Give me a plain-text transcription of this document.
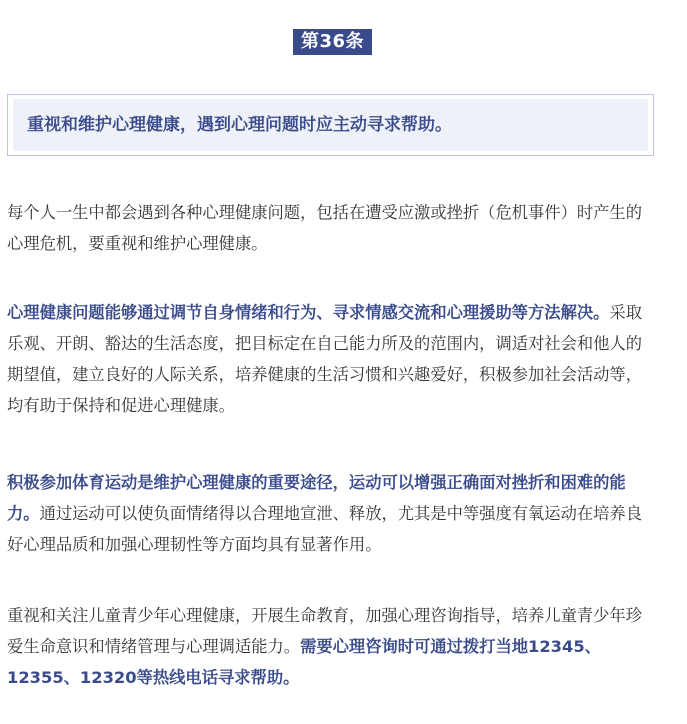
第36条
重视和维护心理健康，遇到心理问题时应主动寻求帮助。

每个人一生中都会遇到各种心理健康问题，包括在遭受应激或挫折（危机事件）时产生的心理危机，要重视和维护心理健康。

心理健康问题能够通过调节自身情绪和行为、寻求情感交流和心理援助等方法解决。采取乐观、开朗、豁达的生活态度，把目标定在自己能力所及的范围内，调适对社会和他人的期望值，建立良好的人际关系，培养健康的生活习惯和兴趣爱好，积极参加社会活动等，均有助于保持和促进心理健康。

积极参加体育运动是维护心理健康的重要途径，运动可以增强正确面对挫折和困难的能力。通过运动可以使负面情绪得以合理地宣泄、释放，尤其是中等强度有氧运动在培养良好心理品质和加强心理韧性等方面均具有显著作用。

重视和关注儿童青少年心理健康，开展生命教育，加强心理咨询指导，培养儿童青少年珍爱生命意识和情绪管理与心理调适能力。需要心理咨询时可通过拨打当地12345、12355、12320等热线电话寻求帮助。
